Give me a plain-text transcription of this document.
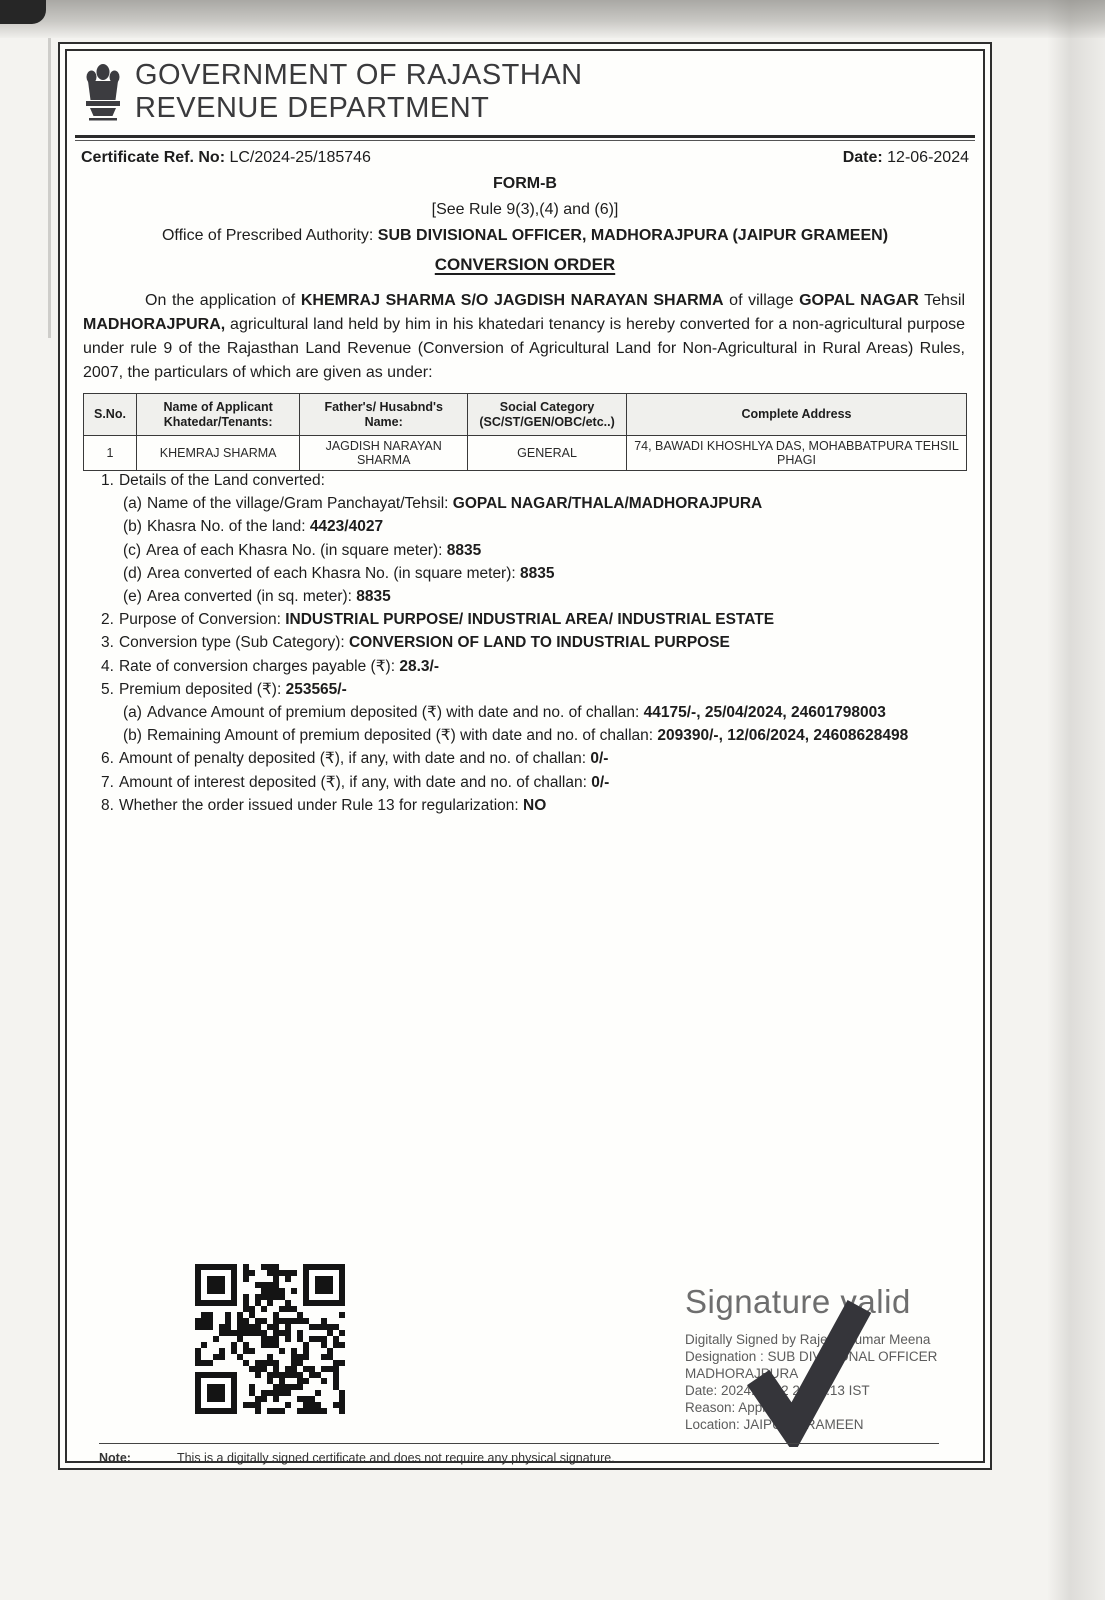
GOVERNMENT OF RAJASTHAN
REVENUE DEPARTMENT
Certificate Ref. No: LC/2024-25/185746	Date: 12-06-2024
FORM-B
[See Rule 9(3),(4) and (6)]
Office of Prescribed Authority: SUB DIVISIONAL OFFICER, MADHORAJPURA (JAIPUR GRAMEEN)
CONVERSION ORDER

On the application of KHEMRAJ SHARMA S/O JAGDISH NARAYAN SHARMA of village GOPAL NAGAR Tehsil MADHORAJPURA, agricultural land held by him in his khatedari tenancy is hereby converted for a non-agricultural purpose under rule 9 of the Rajasthan Land Revenue (Conversion of Agricultural Land for Non-Agricultural in Rural Areas) Rules, 2007, the particulars of which are given as under:

S.No.	Name of Applicant Khatedar/Tenants:	Father's/ Husabnd's Name:	Social Category (SC/ST/GEN/OBC/etc..)	Complete Address
1	KHEMRAJ SHARMA	JAGDISH NARAYAN SHARMA	GENERAL	74, BAWADI KHOSHLYA DAS, MOHABBATPURA TEHSIL PHAGI
1. Details of the Land converted:
(a) Name of the village/Gram Panchayat/Tehsil: GOPAL NAGAR/THALA/MADHORAJPURA
(b) Khasra No. of the land: 4423/4027
(c) Area of each Khasra No. (in square meter): 8835
(d) Area converted of each Khasra No. (in square meter): 8835
(e) Area converted (in sq. meter): 8835
2. Purpose of Conversion: INDUSTRIAL PURPOSE/ INDUSTRIAL AREA/ INDUSTRIAL ESTATE
3. Conversion type (Sub Category): CONVERSION OF LAND TO INDUSTRIAL PURPOSE
4. Rate of conversion charges payable (₹): 28.3/-
5. Premium deposited (₹): 253565/-
(a) Advance Amount of premium deposited (₹) with date and no. of challan: 44175/-, 25/04/2024, 24601798003
(b) Remaining Amount of premium deposited (₹) with date and no. of challan: 209390/-, 12/06/2024, 24608628498
6. Amount of penalty deposited (₹), if any, with date and no. of challan: 0/-
7. Amount of interest deposited (₹), if any, with date and no. of challan: 0/-
8. Whether the order issued under Rule 13 for regularization: NO
Signature valid
Digitally Signed by Rajesh Kumar Meena
Designation : SUB DIVISIONAL OFFICER
MADHORAJPURA
Date: 2024.06.12 21:04:13 IST
Reason: Approved
Location: JAIPUR GRAMEEN
Note:	This is a digitally signed certificate and does not require any physical signature.
